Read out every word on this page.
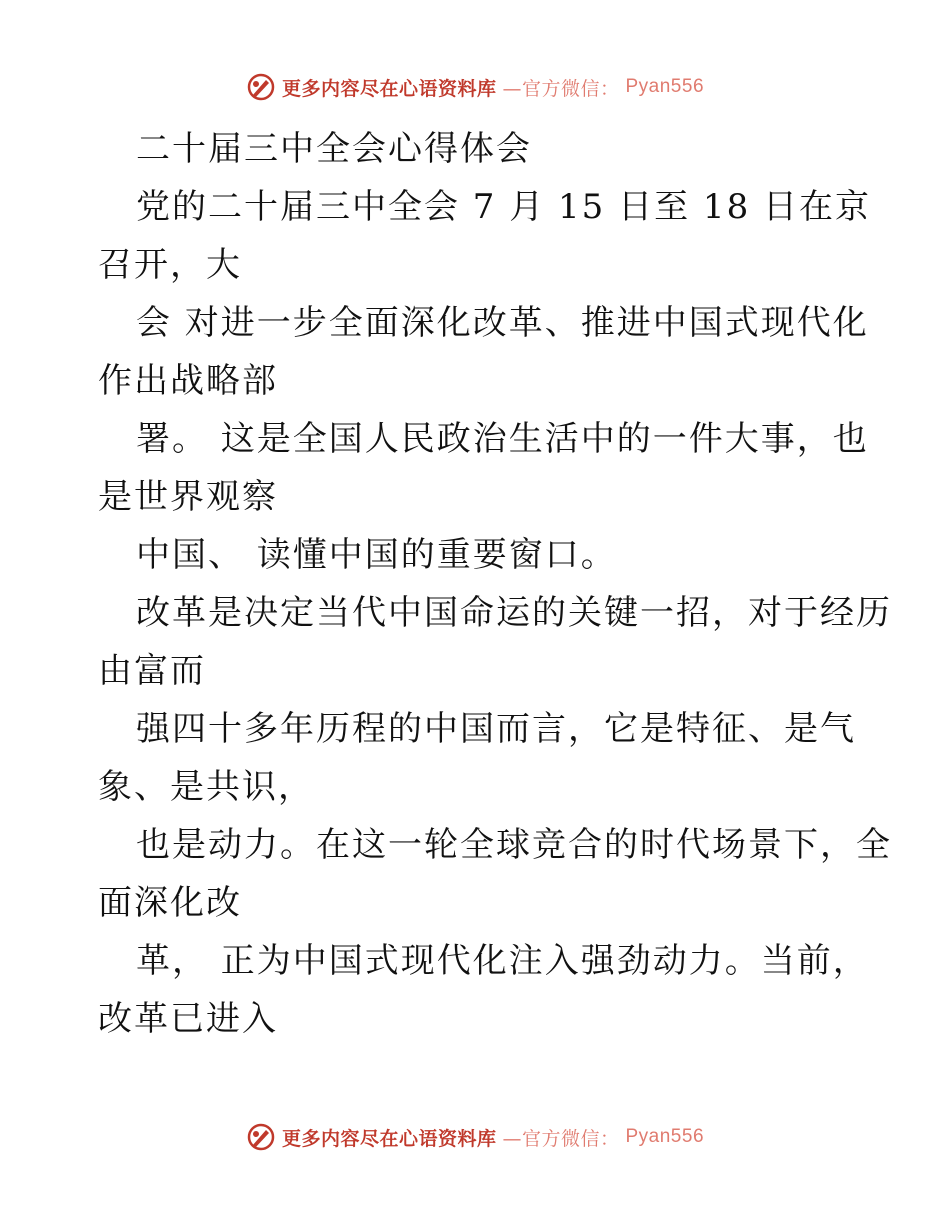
更多内容尽在心语资料库 —官方微信： Pyan556
二十届三中全会心得体会
党的二十届三中全会 7 月 15 日至 18 日在京
召开，大
会 对进一步全面深化改革、推进中国式现代化
作出战略部
署。 这是全国人民政治生活中的一件大事，也
是世界观察
中国、 读懂中国的重要窗口。
改革是决定当代中国命运的关键一招，对于经历
由富而
强四十多年历程的中国而言，它是特征、是气
象、是共识，
也是动力。在这一轮全球竞合的时代场景下，全
面深化改
革， 正为中国式现代化注入强劲动力。当前，
改革已进入
更多内容尽在心语资料库 —官方微信： Pyan556
